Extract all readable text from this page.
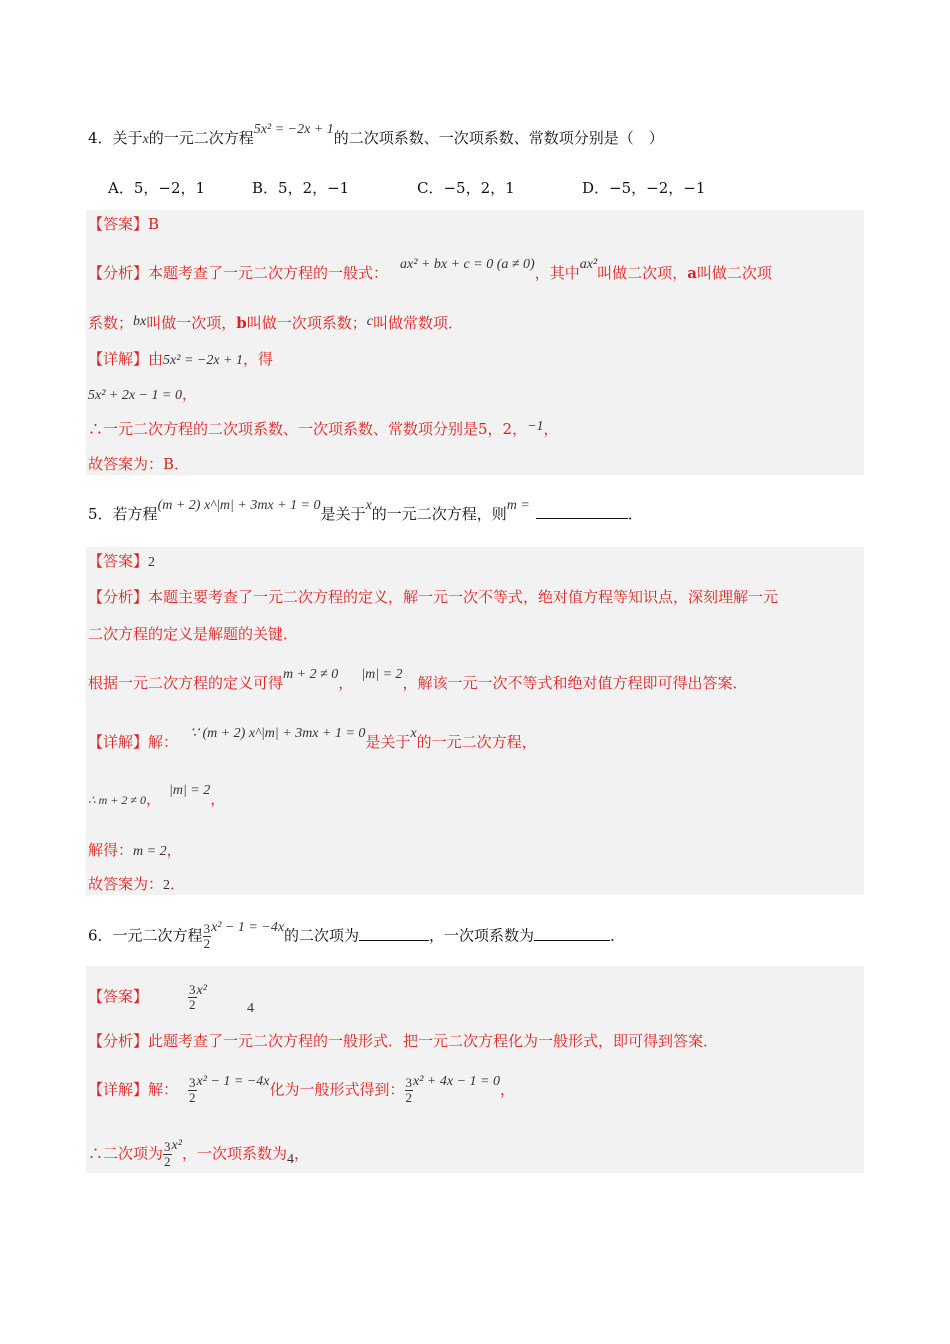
4．关于x的一元二次方程5x² = −2x + 1的二次项系数、一次项系数、常数项分别是（　）
A．5，−2，1	B．5，2，−1	C．−5，2，1	D．−5，−2，−1
【答案】B
【分析】本题考查了一元二次方程的一般式： ax² + bx + c = 0 (a ≠ 0)，其中ax²叫做二次项，a叫做二次项
系数；bx叫做一次项，b叫做一次项系数；c叫做常数项．
【详解】由5x² = −2x + 1，得
5x² + 2x − 1 = 0，
∴一元二次方程的二次项系数、一次项系数、常数项分别是5，2，−1，
故答案为：B．
5．若方程(m + 2) x^|m| + 3mx + 1 = 0是关于x的一元二次方程，则m =	．
【答案】2
【分析】本题主要考查了一元二次方程的定义，解一元一次不等式，绝对值方程等知识点，深刻理解一元
二次方程的定义是解题的关键．
根据一元二次方程的定义可得m + 2 ≠ 0， |m| = 2，解该一元一次不等式和绝对值方程即可得出答案．
【详解】解： ∵ (m + 2) x^|m| + 3mx + 1 = 0是关于x的一元二次方程，
∴ m + 2 ≠ 0， |m| = 2，
解得：m = 2，
故答案为：2．
6．一元二次方程 $\frac{3}{2} x^2 - 1 = -4x$的二次项为	，一次项系数为	．
【答案】	$\frac{3}{2} x^24$
【分析】此题考查了一元二次方程的一般形式．把一元二次方程化为一般形式，即可得到答案．
【详解】解： $\frac{3}{2} x^2 - 1 = -4x$化为一般形式得到： $\frac{3}{2} x^2 + 4x - 1 = 0$，
∴二次项为 $\frac{3}{2} x^2$，一次项系数为4，
